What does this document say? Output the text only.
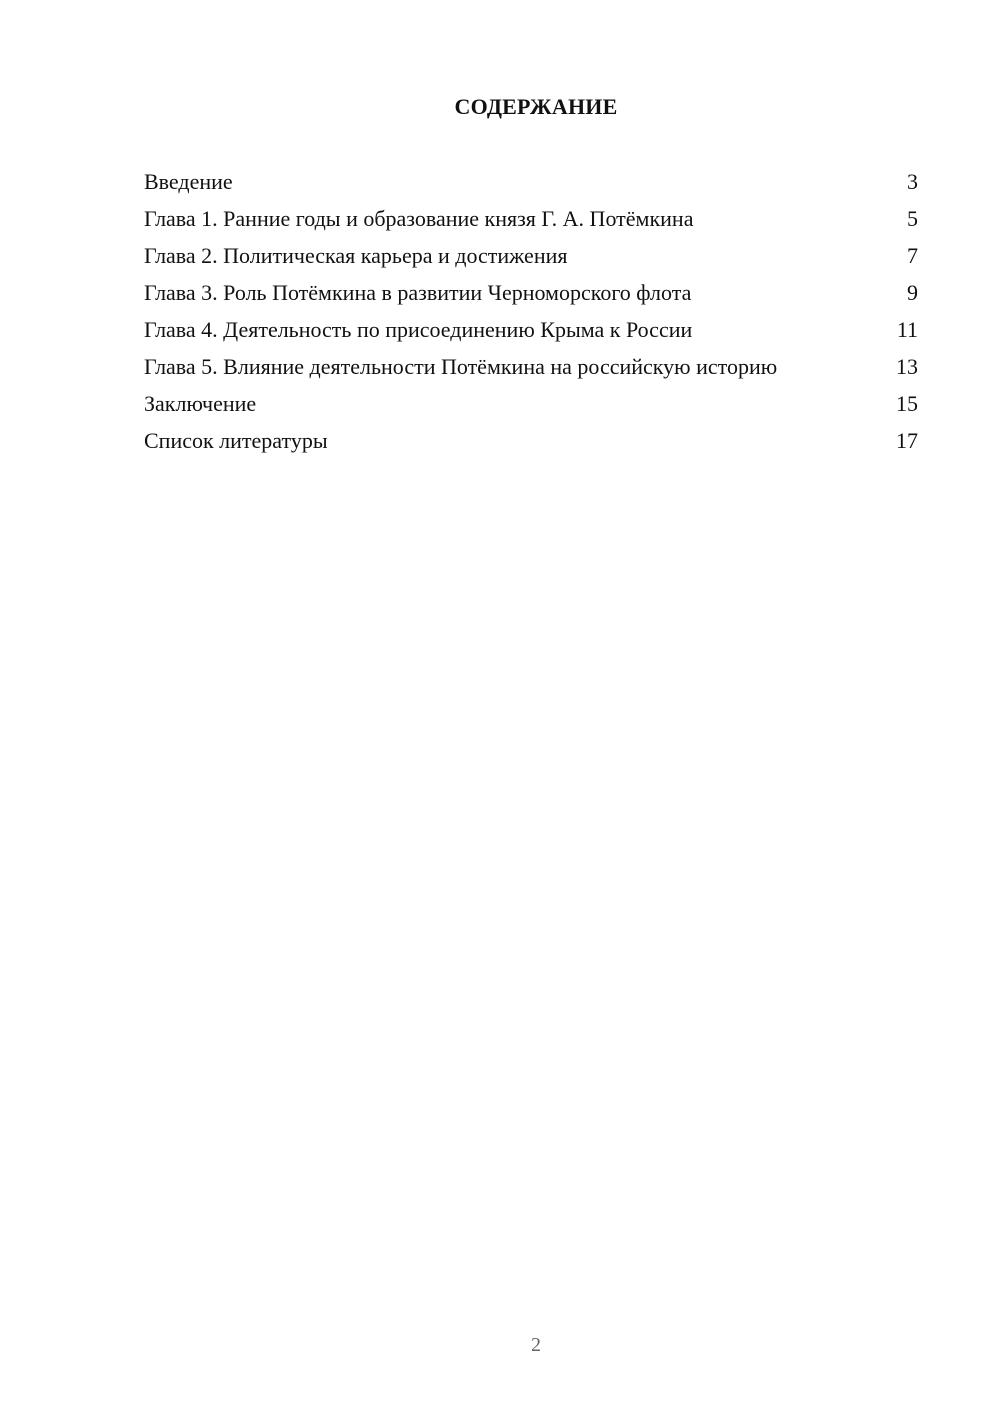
СОДЕРЖАНИЕ
Введение	3
Глава 1. Ранние годы и образование князя Г. А. Потёмкина	5
Глава 2. Политическая карьера и достижения	7
Глава 3. Роль Потёмкина в развитии Черноморского флота	9
Глава 4. Деятельность по присоединению Крыма к России	11
Глава 5. Влияние деятельности Потёмкина на российскую историю	13
Заключение	15
Список литературы	17
2
